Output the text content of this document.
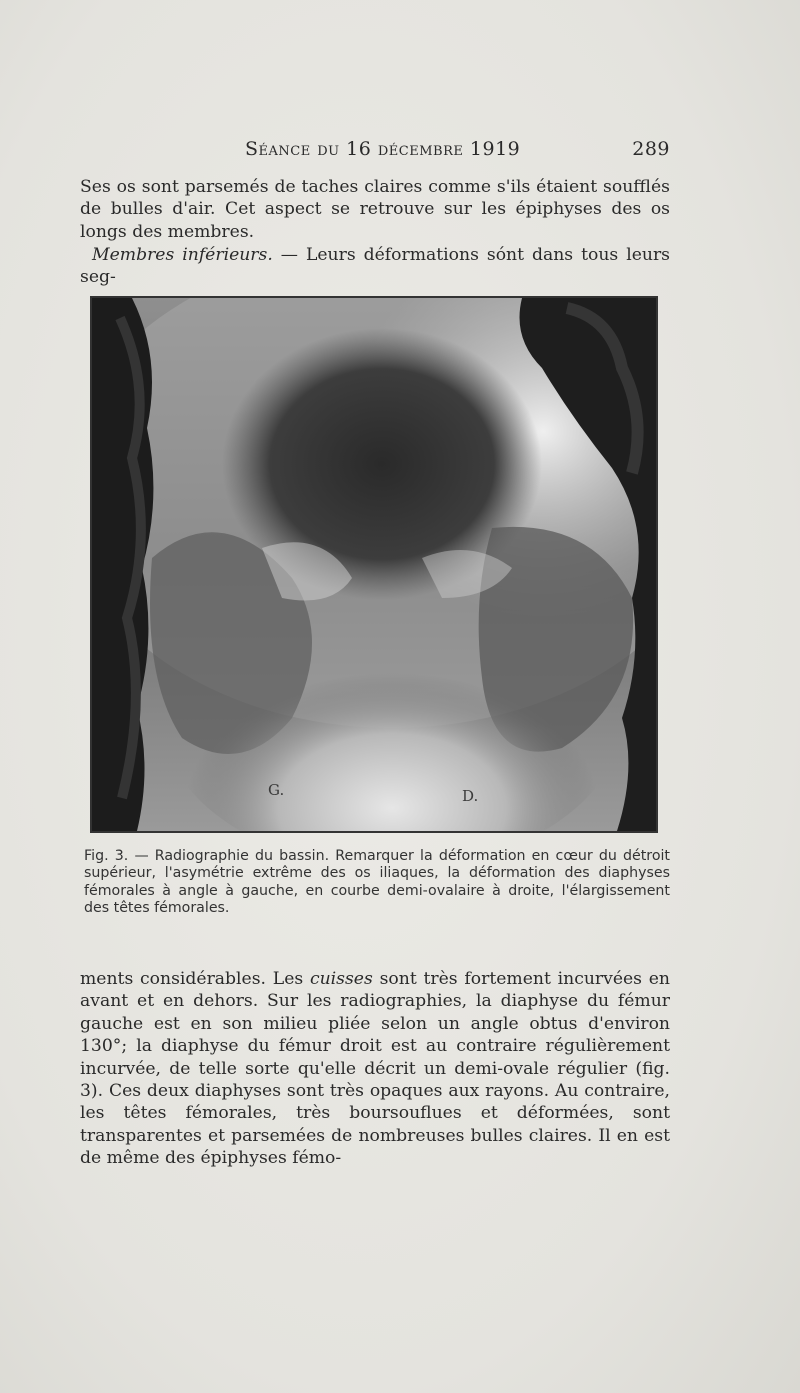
Séance du 16 décembre 1919	289

Ses os sont parsemés de taches claires comme s'ils étaient soufflés de bulles d'air. Cet aspect se retrouve sur les épiphyses des os longs des membres.

Membres inférieurs. — Leurs déformations sónt dans tous leurs seg-

G.	D.

Fig. 3. — Radiographie du bassin. Remarquer la déformation en cœur du détroit supérieur, l'asymétrie extrême des os iliaques, la déformation des diaphyses fémorales à angle à gauche, en courbe demi-ovalaire à droite, l'élargissement des têtes fémorales.

ments considérables. Les cuisses sont très fortement incurvées en avant et en dehors. Sur les radiographies, la diaphyse du fémur gauche est en son milieu pliée selon un angle obtus d'environ 130°; la diaphyse du fémur droit est au contraire régulièrement incurvée, de telle sorte qu'elle décrit un demi-ovale régulier (fig. 3). Ces deux diaphyses sont très opaques aux rayons. Au contraire, les têtes fémorales, très boursouflues et déformées, sont transparentes et parsemées de nombreuses bulles claires. Il en est de même des épiphyses fémo-
